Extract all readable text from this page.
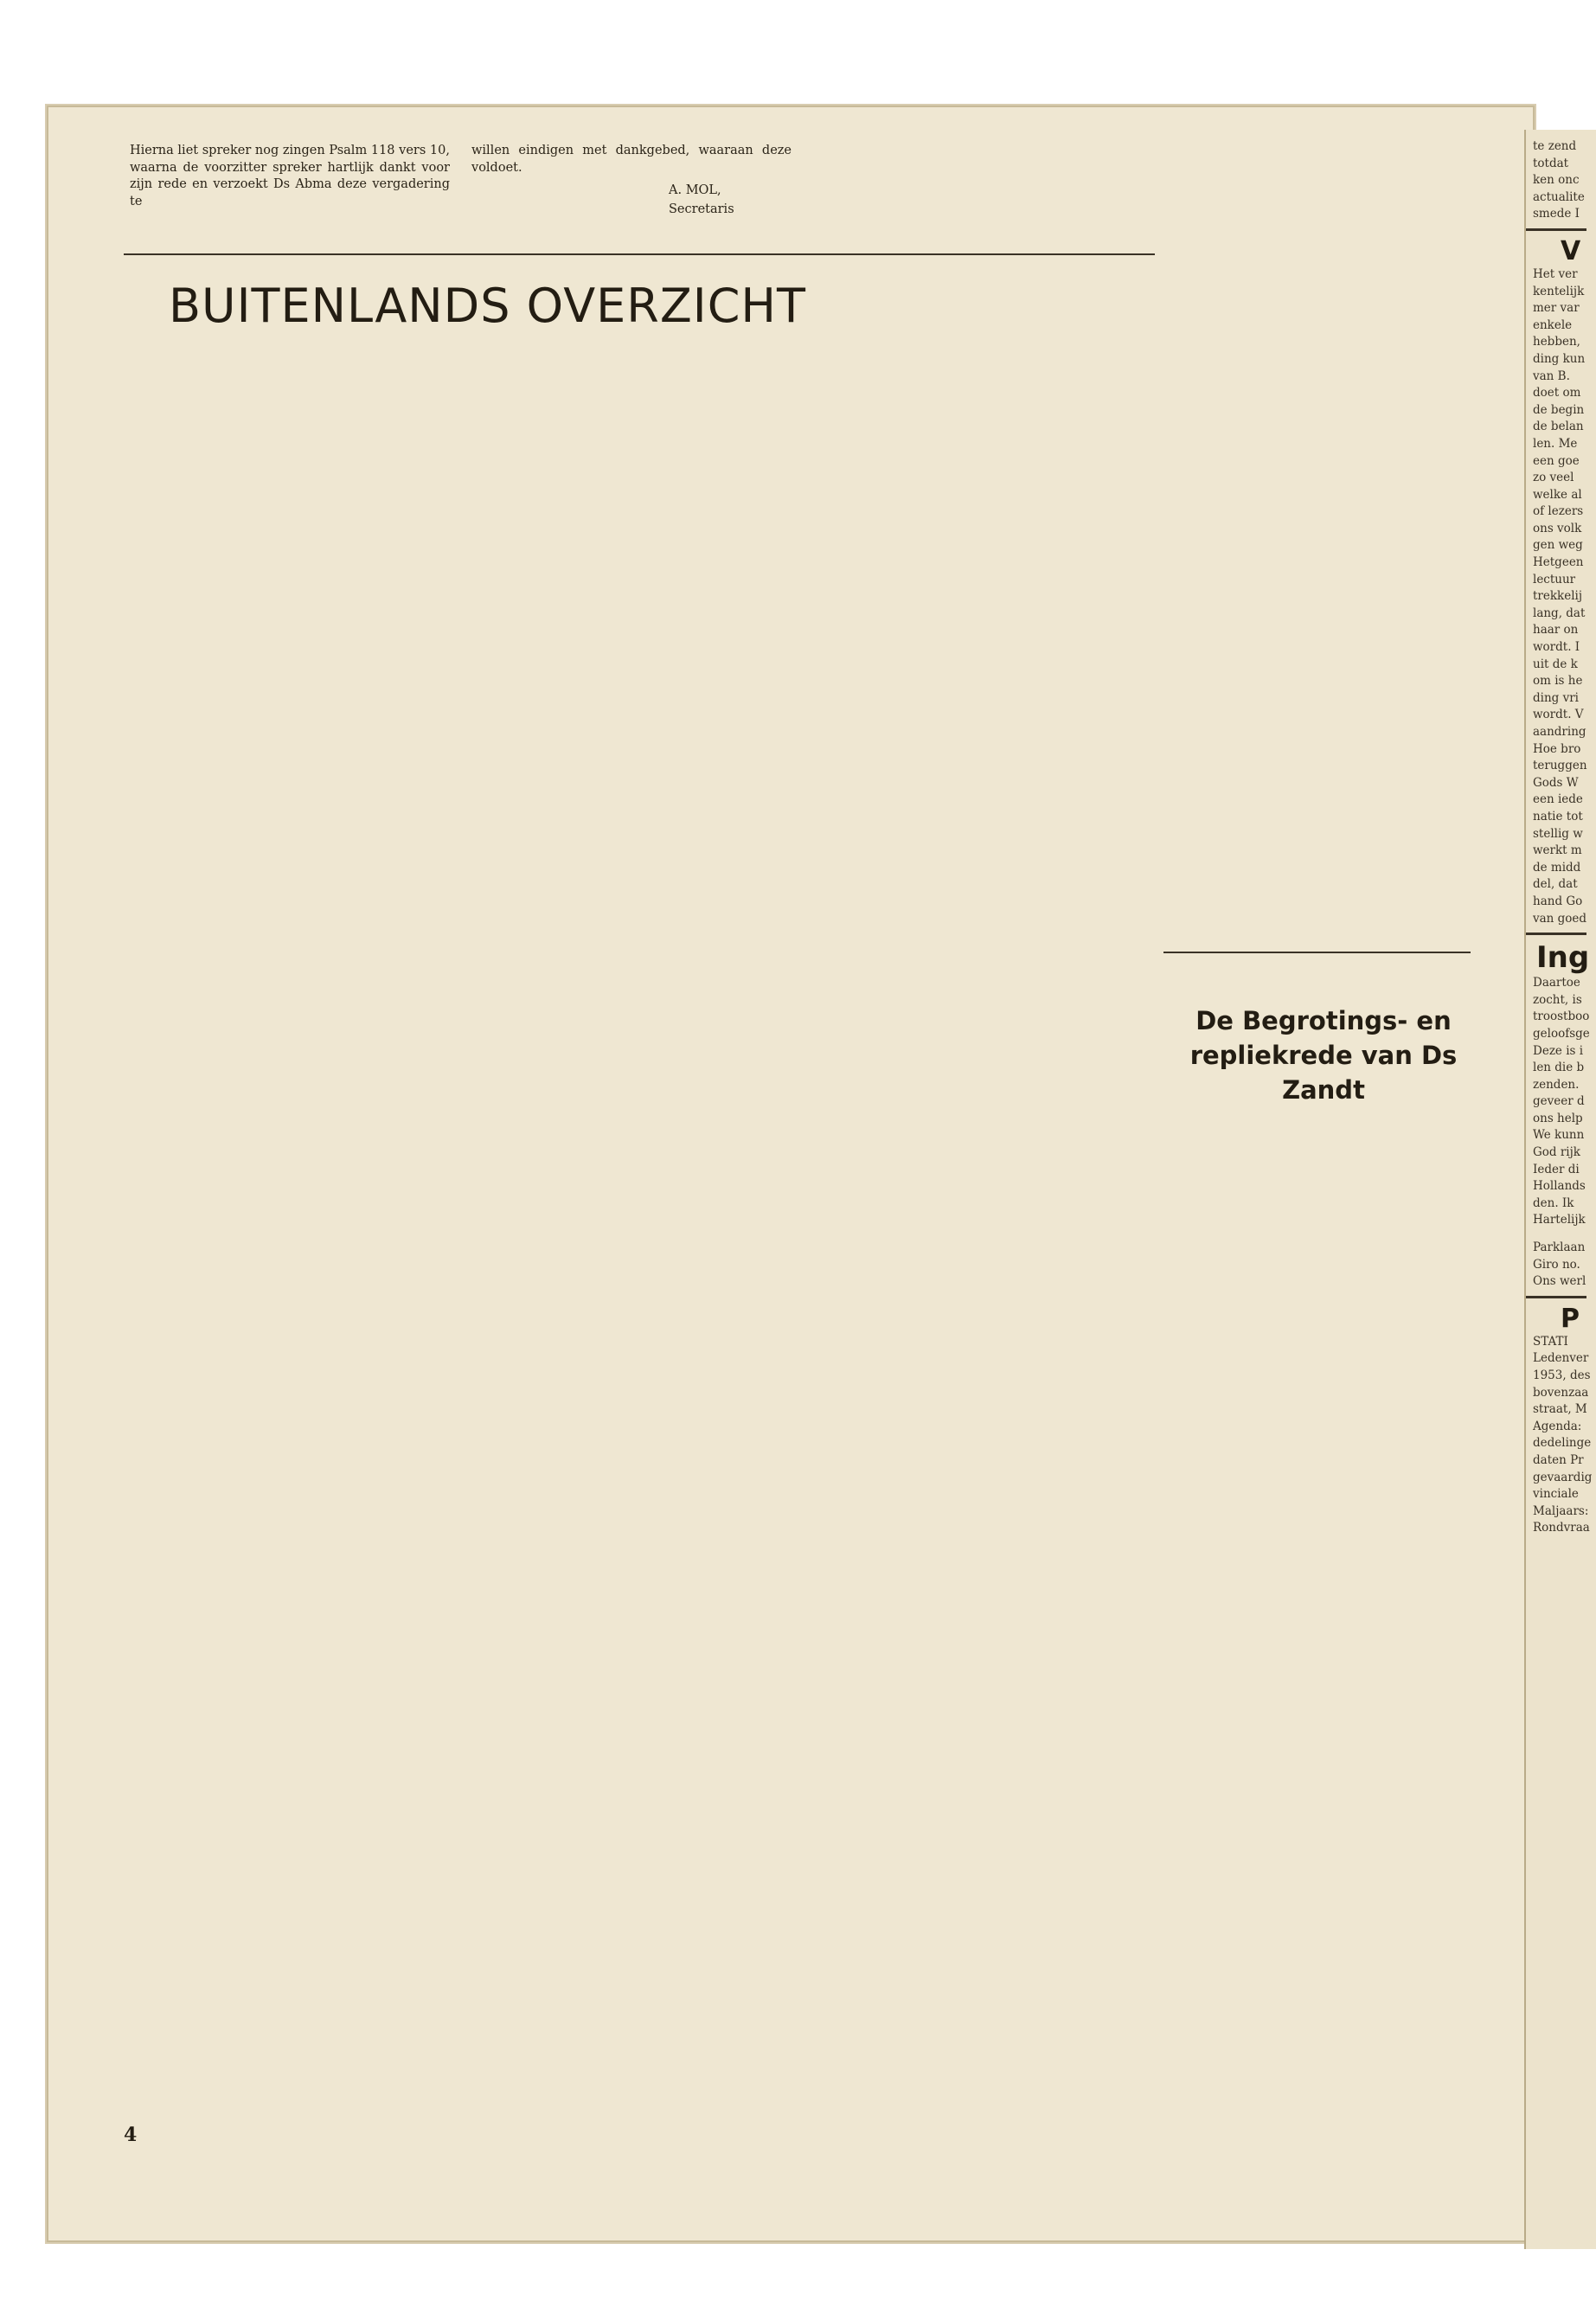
Hierna liet spreker nog zingen Psalm 118 vers 10, waarna de voorzitter spreker hartlijk dankt voor zijn rede en verzoekt Ds Abma deze vergadering te

willen eindigen met dankgebed, waaraan deze voldoet.

A. MOL,
Secretaris
BUITENLANDS OVERZICHT
De Begrotings- en repliekrede van Ds Zandt
4
te zend
totdat
ken onc
actualite
smede I
V
Het ver
kentelijk
mer var
enkele
hebben,
ding kun
van B.
doet om
de begin
de belan
len. Me
een goe
zo veel
welke al
of lezers
ons volk
gen weg
Hetgeen
lectuur
trekkelij
lang, dat
haar on
wordt. I
uit de k
om is he
ding vri
wordt. V
aandring
Hoe bro
teruggen
Gods W
een iede
natie tot
stellig w
werkt m
de midd
del, dat
hand Go
van goed
Ing
Daartoe
zocht, is
troostboo
geloofsge
Deze is i
len die b
zenden.
geveer d
ons help
We kunn
God rijk
Ieder di
Hollands
den. Ik
Hartelijk
Parklaan
Giro no.
Ons werl
P
STATI
Ledenver
1953, des
bovenzaa
straat, M
Agenda:
dedelinge
daten Pr
gevaardig
vinciale
Maljaars:
Rondvraa
